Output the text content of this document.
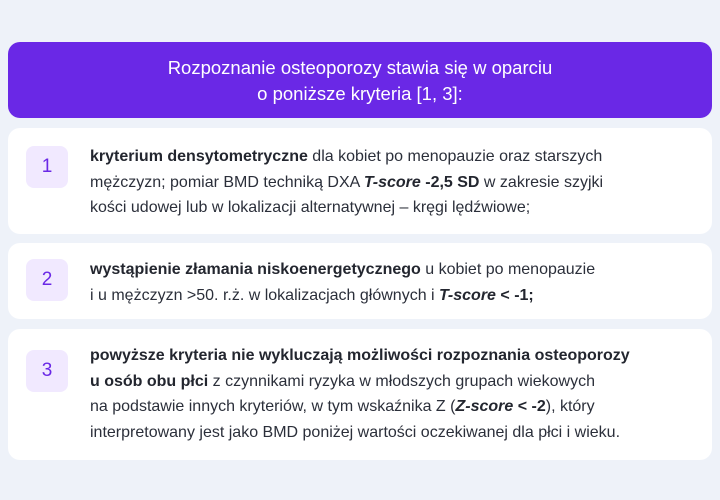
Rozpoznanie osteoporozy stawia się w oparciu
o poniższe kryteria [1, 3]:
1	kryterium densytometryczne dla kobiet po menopauzie oraz starszych
mężczyzn; pomiar BMD techniką DXA T-score -2,5 SD w zakresie szyjki
kości udowej lub w lokalizacji alternatywnej – kręgi lędźwiowe;
2	wystąpienie złamania niskoenergetycznego u kobiet po menopauzie
i u mężczyzn >50. r.ż. w lokalizacjach głównych i T-score < -1;
3
powyższe kryteria nie wykluczają możliwości rozpoznania osteoporozy
u osób obu płci z czynnikami ryzyka w młodszych grupach wiekowych
na podstawie innych kryteriów, w tym wskaźnika Z (Z-score < -2), który
interpretowany jest jako BMD poniżej wartości oczekiwanej dla płci i wieku.
